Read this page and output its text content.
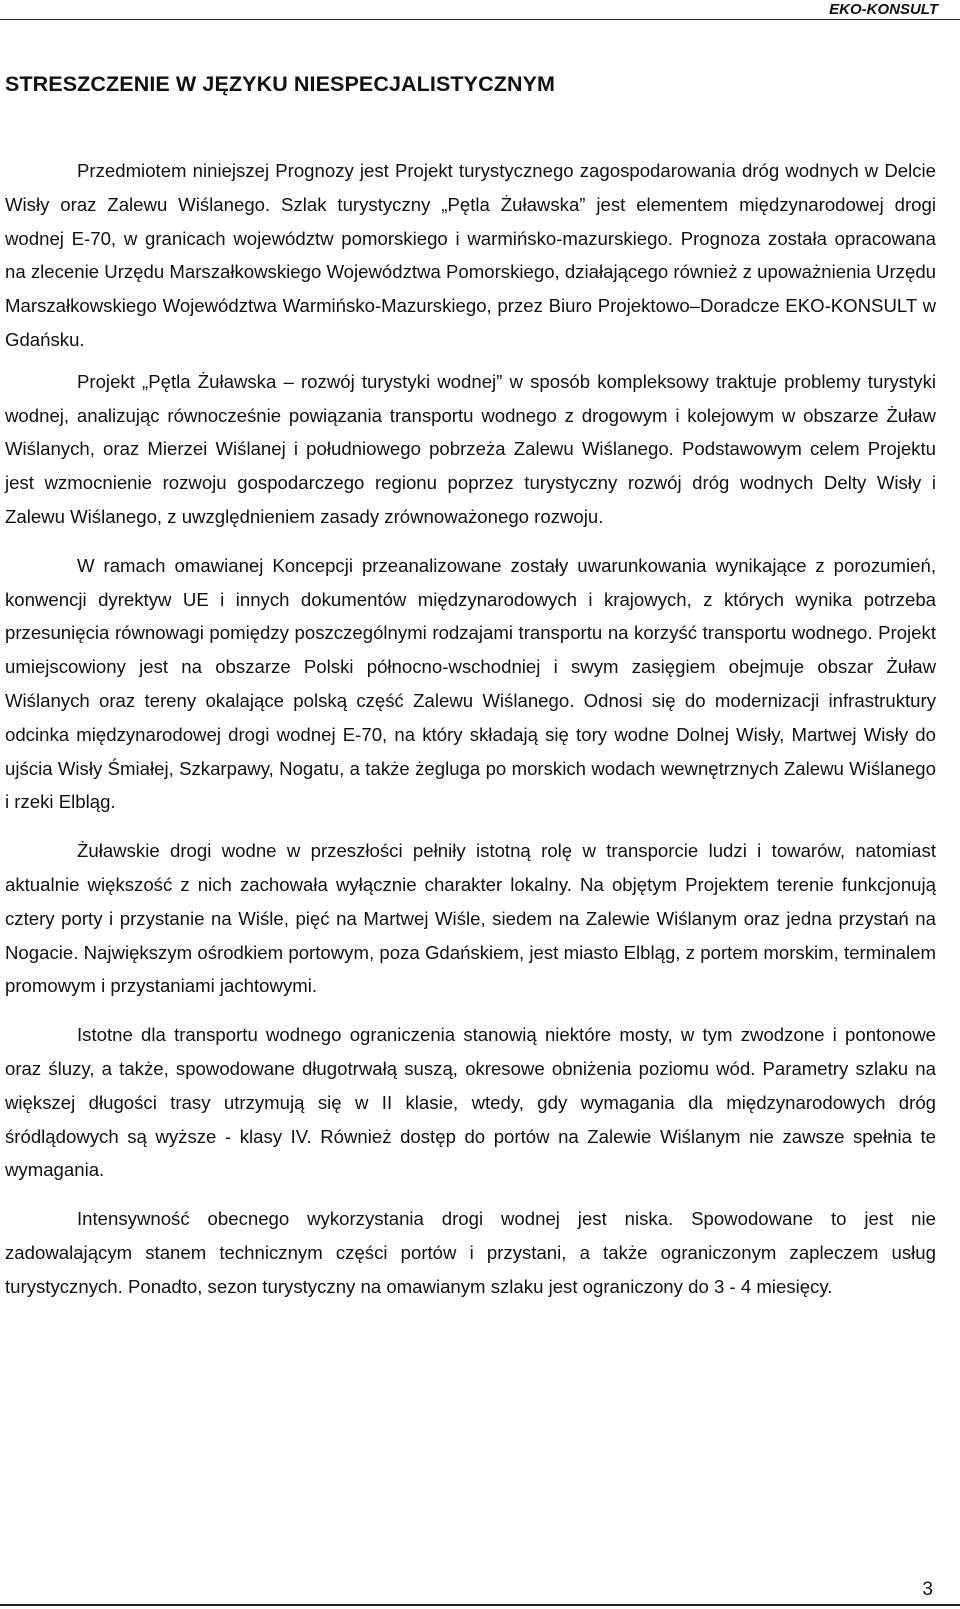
EKO-KONSULT
STRESZCZENIE W JĘZYKU NIESPECJALISTYCZNYM

Przedmiotem niniejszej Prognozy jest Projekt turystycznego zagospodarowania dróg wodnych w Delcie Wisły oraz Zalewu Wiślanego. Szlak turystyczny „Pętla Żuławska” jest elementem międzynarodowej drogi wodnej E-70, w granicach województw pomorskiego i warmińsko-mazurskiego. Prognoza została opracowana na zlecenie Urzędu Marszałkowskiego Województwa Pomorskiego, działającego również z upoważnienia Urzędu Marszałkowskiego Województwa Warmińsko-Mazurskiego, przez Biuro Projektowo–Doradcze EKO-KONSULT w Gdańsku.

Projekt „Pętla Żuławska – rozwój turystyki wodnej” w sposób kompleksowy traktuje problemy turystyki wodnej, analizując równocześnie powiązania transportu wodnego z drogowym i kolejowym w obszarze Żuław Wiślanych, oraz Mierzei Wiślanej i południowego pobrzeża Zalewu Wiślanego. Podstawowym celem Projektu jest wzmocnienie rozwoju gospodarczego regionu poprzez turystyczny rozwój dróg wodnych Delty Wisły i Zalewu Wiślanego, z uwzględnieniem zasady zrównoważonego rozwoju.

W ramach omawianej Koncepcji przeanalizowane zostały uwarunkowania wynikające z porozumień, konwencji dyrektyw UE i innych dokumentów międzynarodowych i krajowych, z których wynika potrzeba przesunięcia równowagi pomiędzy poszczególnymi rodzajami transportu na korzyść transportu wodnego. Projekt umiejscowiony jest na obszarze Polski północno-wschodniej i swym zasięgiem obejmuje obszar Żuław Wiślanych oraz tereny okalające polską część Zalewu Wiślanego. Odnosi się do modernizacji infrastruktury odcinka międzynarodowej drogi wodnej E-70, na który składają się tory wodne Dolnej Wisły, Martwej Wisły do ujścia Wisły Śmiałej, Szkarpawy, Nogatu, a także żegluga po morskich wodach wewnętrznych Zalewu Wiślanego i rzeki Elbląg.

Żuławskie drogi wodne w przeszłości pełniły istotną rolę w transporcie ludzi i towarów, natomiast aktualnie większość z nich zachowała wyłącznie charakter lokalny. Na objętym Projektem terenie funkcjonują cztery porty i przystanie na Wiśle, pięć na Martwej Wiśle, siedem na Zalewie Wiślanym oraz jedna przystań na Nogacie. Największym ośrodkiem portowym, poza Gdańskiem, jest miasto Elbląg, z portem morskim, terminalem promowym i przystaniami jachtowymi.

Istotne dla transportu wodnego ograniczenia stanowią niektóre mosty, w tym zwodzone i pontonowe oraz śluzy, a także, spowodowane długotrwałą suszą, okresowe obniżenia poziomu wód. Parametry szlaku na większej długości trasy utrzymują się w II klasie, wtedy, gdy wymagania dla międzynarodowych dróg śródlądowych są wyższe - klasy IV. Również dostęp do portów na Zalewie Wiślanym nie zawsze spełnia te wymagania.

Intensywność obecnego wykorzystania drogi wodnej jest niska. Spowodowane to jest nie zadowalającym stanem technicznym części portów i przystani, a także ograniczonym zapleczem usług turystycznych. Ponadto, sezon turystyczny na omawianym szlaku jest ograniczony do 3 - 4 miesięcy.

3
